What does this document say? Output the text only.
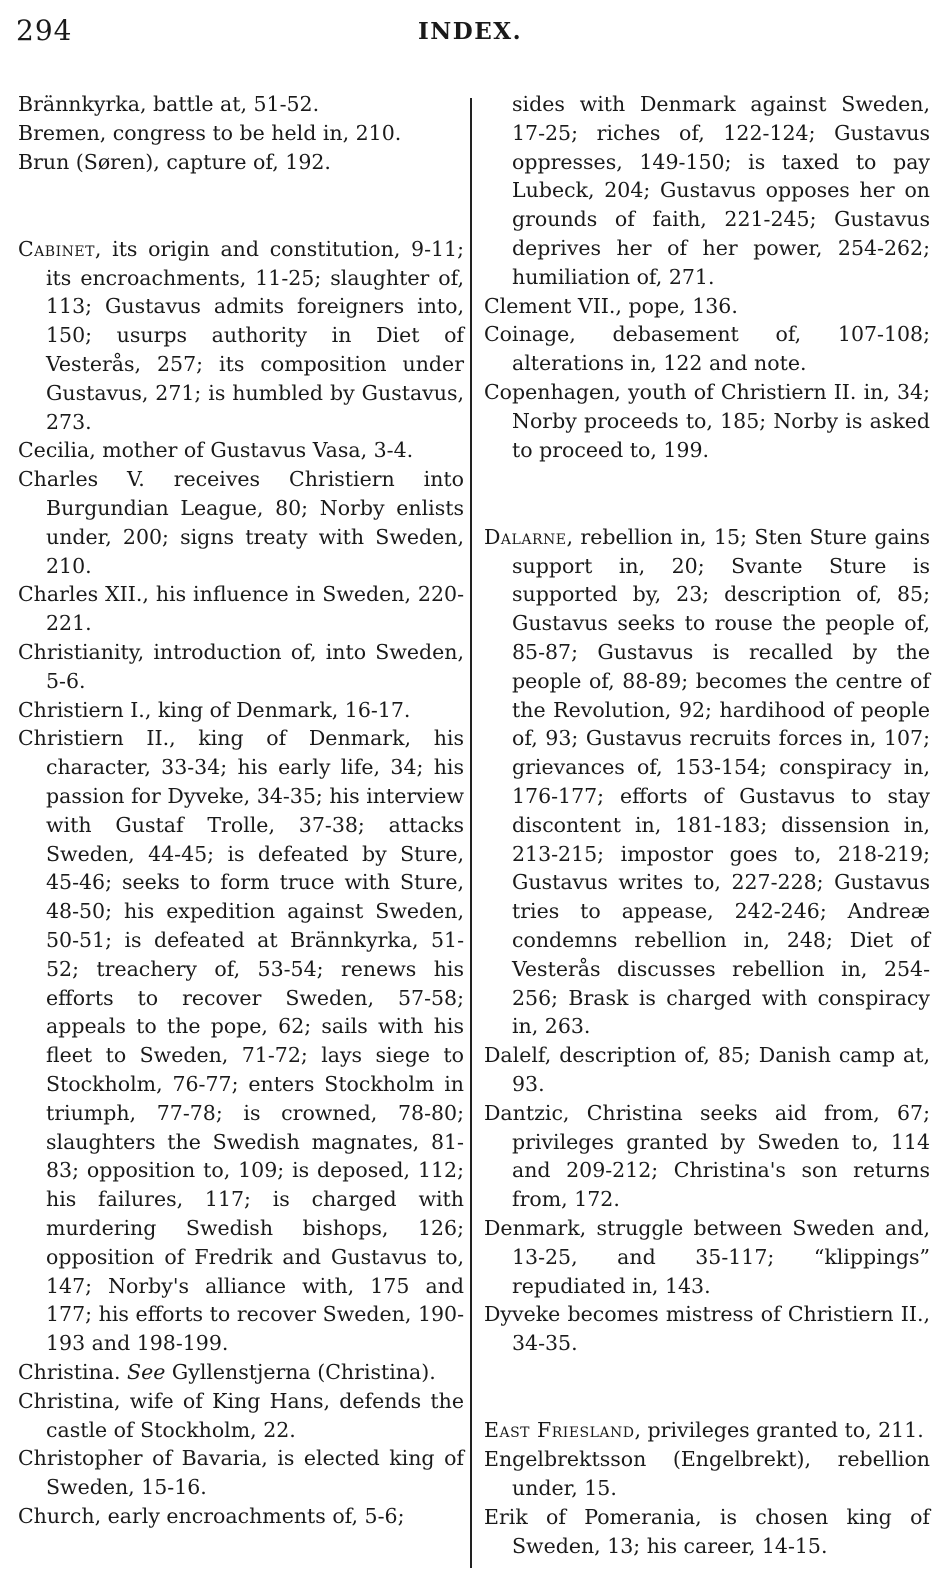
294	INDEX.
Brännkyrka, battle at, 51-52.
Bremen, congress to be held in, 210.
Brun (Søren), capture of, 192.
Cabinet, its origin and constitution, 9-11; its encroachments, 11-25; slaughter of, 113; Gustavus admits foreigners into, 150; usurps authority in Diet of Vesterås, 257; its composition under Gustavus, 271; is humbled by Gustavus, 273.
Cecilia, mother of Gustavus Vasa, 3-4.
Charles V. receives Christiern into Burgundian League, 80; Norby enlists under, 200; signs treaty with Sweden, 210.
Charles XII., his influence in Sweden, 220-221.
Christianity, introduction of, into Sweden, 5-6.
Christiern I., king of Denmark, 16-17.
Christiern II., king of Denmark, his character, 33-34; his early life, 34; his passion for Dyveke, 34-35; his interview with Gustaf Trolle, 37-38; attacks Sweden, 44-45; is defeated by Sture, 45-46; seeks to form truce with Sture, 48-50; his expedition against Sweden, 50-51; is defeated at Brännkyrka, 51-52; treachery of, 53-54; renews his efforts to recover Sweden, 57-58; appeals to the pope, 62; sails with his fleet to Sweden, 71-72; lays siege to Stockholm, 76-77; enters Stockholm in triumph, 77-78; is crowned, 78-80; slaughters the Swedish magnates, 81-83; opposition to, 109; is deposed, 112; his failures, 117; is charged with murdering Swedish bishops, 126; opposition of Fredrik and Gustavus to, 147; Norby's alliance with, 175 and 177; his efforts to recover Sweden, 190-193 and 198-199.
Christina. See Gyllenstjerna (Christina).
Christina, wife of King Hans, defends the castle of Stockholm, 22.
Christopher of Bavaria, is elected king of Sweden, 15-16.
Church, early encroachments of, 5-6;
sides with Denmark against Sweden, 17-25; riches of, 122-124; Gustavus oppresses, 149-150; is taxed to pay Lubeck, 204; Gustavus opposes her on grounds of faith, 221-245; Gustavus deprives her of her power, 254-262; humiliation of, 271.
Clement VII., pope, 136.
Coinage, debasement of, 107-108; alterations in, 122 and note.
Copenhagen, youth of Christiern II. in, 34; Norby proceeds to, 185; Norby is asked to proceed to, 199.
Dalarne, rebellion in, 15; Sten Sture gains support in, 20; Svante Sture is supported by, 23; description of, 85; Gustavus seeks to rouse the people of, 85-87; Gustavus is recalled by the people of, 88-89; becomes the centre of the Revolution, 92; hardihood of people of, 93; Gustavus recruits forces in, 107; grievances of, 153-154; conspiracy in, 176-177; efforts of Gustavus to stay discontent in, 181-183; dissension in, 213-215; impostor goes to, 218-219; Gustavus writes to, 227-228; Gustavus tries to appease, 242-246; Andreæ condemns rebellion in, 248; Diet of Vesterås discusses rebellion in, 254-256; Brask is charged with conspiracy in, 263.
Dalelf, description of, 85; Danish camp at, 93.
Dantzic, Christina seeks aid from, 67; privileges granted by Sweden to, 114 and 209-212; Christina's son returns from, 172.
Denmark, struggle between Sweden and, 13-25, and 35-117; “klippings” repudiated in, 143.
Dyveke becomes mistress of Christiern II., 34-35.
East Friesland, privileges granted to, 211.
Engelbrektsson (Engelbrekt), rebellion under, 15.
Erik of Pomerania, is chosen king of Sweden, 13; his career, 14-15.
